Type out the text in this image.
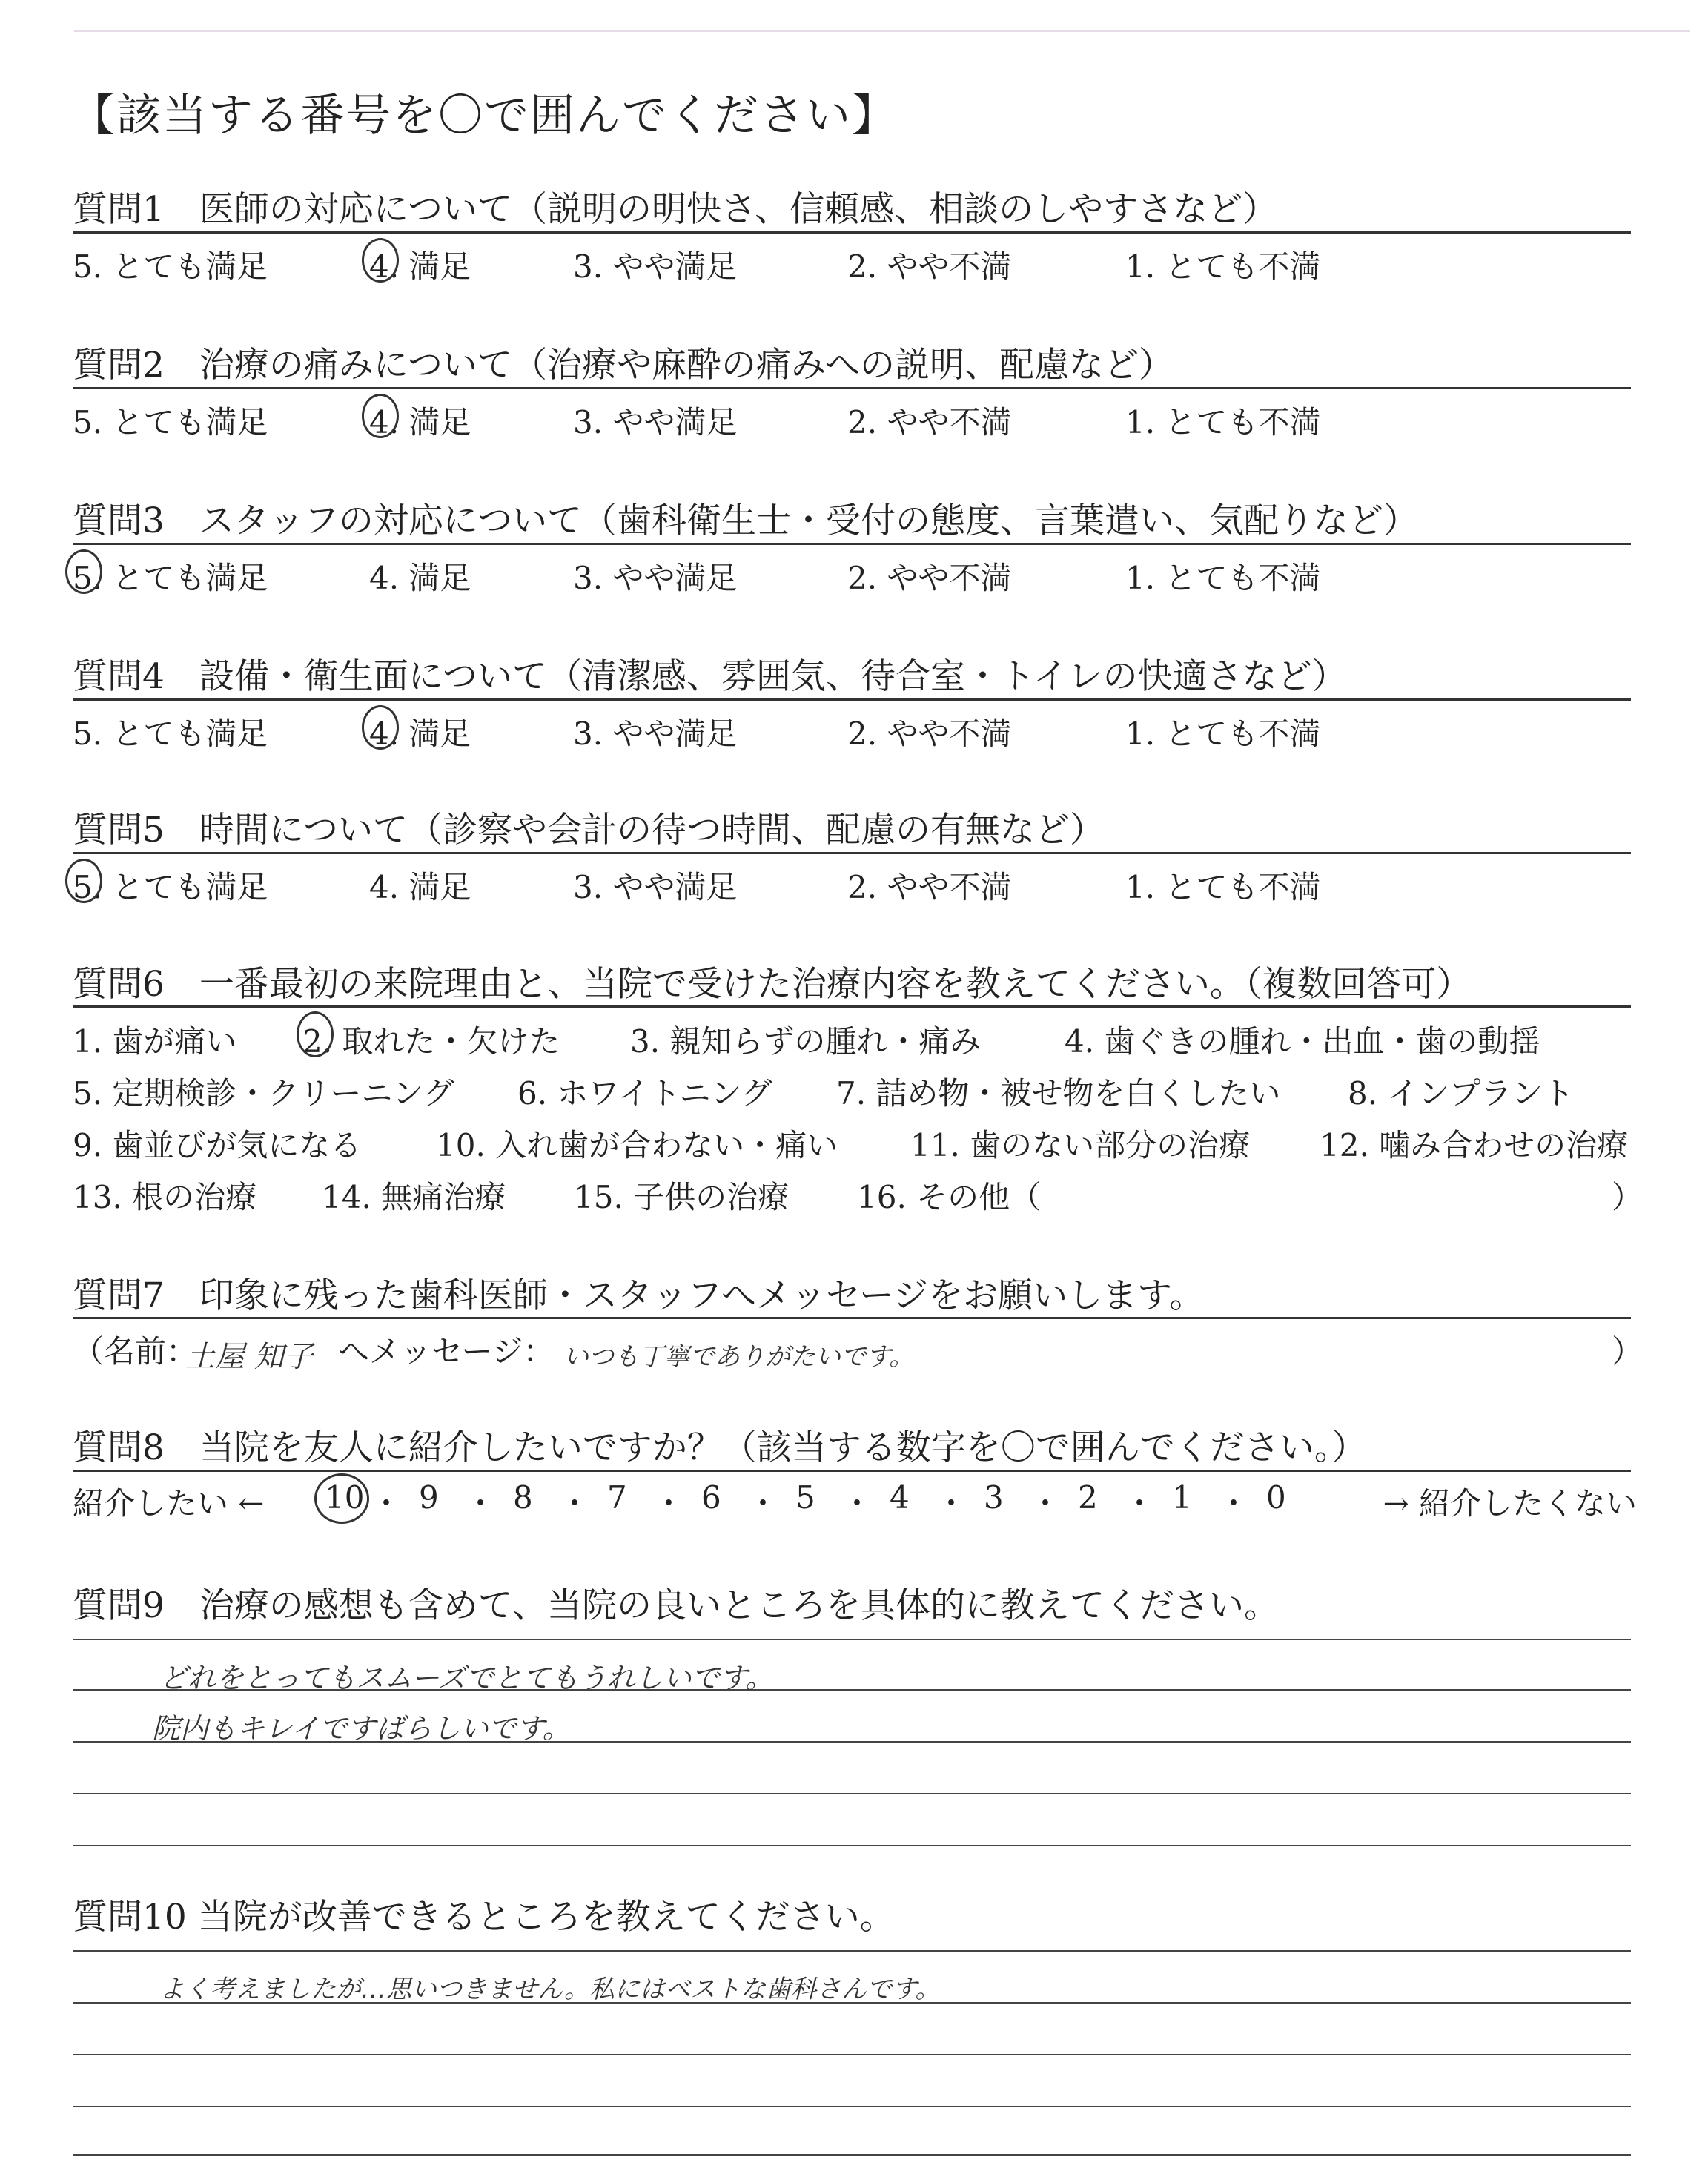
【該当する番号を〇で囲んでください】
質問1　医師の対応について（説明の明快さ、信頼感、相談のしやすさなど）
5. とても満足	4. 満足	3. やや満足	2. やや不満	1. とても不満
質問2　治療の痛みについて（治療や麻酔の痛みへの説明、配慮など）
5. とても満足	4. 満足	3. やや満足	2. やや不満	1. とても不満
質問3　スタッフの対応について（歯科衛生士・受付の態度、言葉遣い、気配りなど）
5. とても満足	4. 満足	3. やや満足	2. やや不満	1. とても不満
質問4　設備・衛生面について（清潔感、雰囲気、待合室・トイレの快適さなど）
5. とても満足	4. 満足	3. やや満足	2. やや不満	1. とても不満
質問5　時間について（診察や会計の待つ時間、配慮の有無など）
5. とても満足	4. 満足	3. やや満足	2. やや不満	1. とても不満
質問6　一番最初の来院理由と、当院で受けた治療内容を教えてください。（複数回答可）
1. 歯が痛い 2. 取れた・欠けた 3. 親知らずの腫れ・痛み	4. 歯ぐきの腫れ・出血・歯の動揺
5. 定期検診・クリーニング 6. ホワイトニング 7. 詰め物・被せ物を白くしたい 8. インプラント
9. 歯並びが気になる 10. 入れ歯が合わない・痛い 11. 歯のない部分の治療 12. 噛み合わせの治療
13. 根の治療 14. 無痛治療 15. 子供の治療 16. その他（	）
質問7　印象に残った歯科医師・スタッフへメッセージをお願いします。
（名前：
土屋 知子 へメッセージ： いつも丁寧でありがたいです。	）
質問8　当院を友人に紹介したいですか？（該当する数字を〇で囲んでください。）
紹介したい ←	→ 紹介したくない
10 ・ 9 ・ 8 ・ 7 ・ 6 ・ 5 ・ 4 ・ 3 ・ 2 ・ 1 ・ 0
質問9　治療の感想も含めて、当院の良いところを具体的に教えてください。
どれをとってもスムーズでとてもうれしいです。
院内もキレイですばらしいです。
質問10 当院が改善できるところを教えてください。
よく考えましたが…思いつきません。私にはベストな歯科さんです。
